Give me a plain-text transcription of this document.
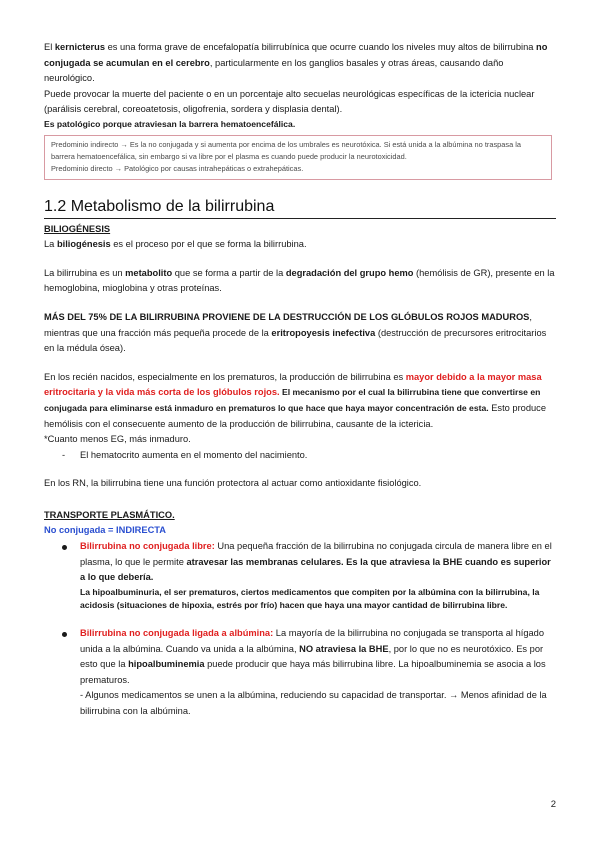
El kernicterus es una forma grave de encefalopatía bilirrubínica que ocurre cuando los niveles muy altos de bilirrubina no conjugada se acumulan en el cerebro, particularmente en los ganglios basales y otras áreas, causando daño neurológico.

Puede provocar la muerte del paciente o en un porcentaje alto secuelas neurológicas específicas de la ictericia nuclear (parálisis cerebral, coreoatetosis, oligofrenia, sordera y displasia dental).

Es patológico porque atraviesan la barrera hematoencefálica.

Predominio indirecto → Es la no conjugada y si aumenta por encima de los umbrales es neurotóxica. Si está unida a la albúmina no traspasa la barrera hematoencefálica, sin embargo si va libre por el plasma es cuando puede producir la neurotoxicidad.

Predominio directo → Patológico por causas intrahepáticas o extrahepáticas.

1.2 Metabolismo de la bilirrubina

BILIOGÉNESIS

La biliogénesis es el proceso por el que se forma la bilirrubina.

La bilirrubina es un metabolito que se forma a partir de la degradación del grupo hemo (hemólisis de GR), presente en la hemoglobina, mioglobina y otras proteínas.

MÁS DEL 75% DE LA BILIRRUBINA PROVIENE DE LA DESTRUCCIÓN DE LOS GLÓBULOS ROJOS MADUROS, mientras que una fracción más pequeña procede de la eritropoyesis inefectiva (destrucción de precursores eritrocitarios en la médula ósea).

En los recién nacidos, especialmente en los prematuros, la producción de bilirrubina es mayor debido a la mayor masa eritrocitaria y la vida más corta de los glóbulos rojos. El mecanismo por el cual la bilirrubina tiene que convertirse en conjugada para eliminarse está inmaduro en prematuros lo que hace que haya mayor concentración de esta. Esto produce hemólisis con el consecuente aumento de la producción de bilirrubina, causante de la ictericia.

*Cuanto menos EG, más inmaduro.

- El hematocrito aumenta en el momento del nacimiento.

En los RN, la bilirrubina tiene una función protectora al actuar como antioxidante fisiológico.

TRANSPORTE PLASMÁTICO.

No conjugada = INDIRECTA

Bilirrubina no conjugada libre: Una pequeña fracción de la bilirrubina no conjugada circula de manera libre en el plasma, lo que le permite atravesar las membranas celulares. Es la que atraviesa la BHE cuando es superior a lo que debería.

La hipoalbuminuria, el ser prematuros, ciertos medicamentos que compiten por la albúmina con la bilirrubina, la acidosis (situaciones de hipoxia, estrés por frío) hacen que haya una mayor cantidad de bilirrubina libre.

Bilirrubina no conjugada ligada a albúmina: La mayoría de la bilirrubina no conjugada se transporta al hígado unida a la albúmina. Cuando va unida a la albúmina, NO atraviesa la BHE, por lo que no es neurotóxico. Es por esto que la hipoalbuminemia puede producir que haya más bilirrubina libre. La hipoalbuminemia se asocia a los prematuros.

- Algunos medicamentos se unen a la albúmina, reduciendo su capacidad de transportar. → Menos afinidad de la bilirrubina con la albúmina.

2
